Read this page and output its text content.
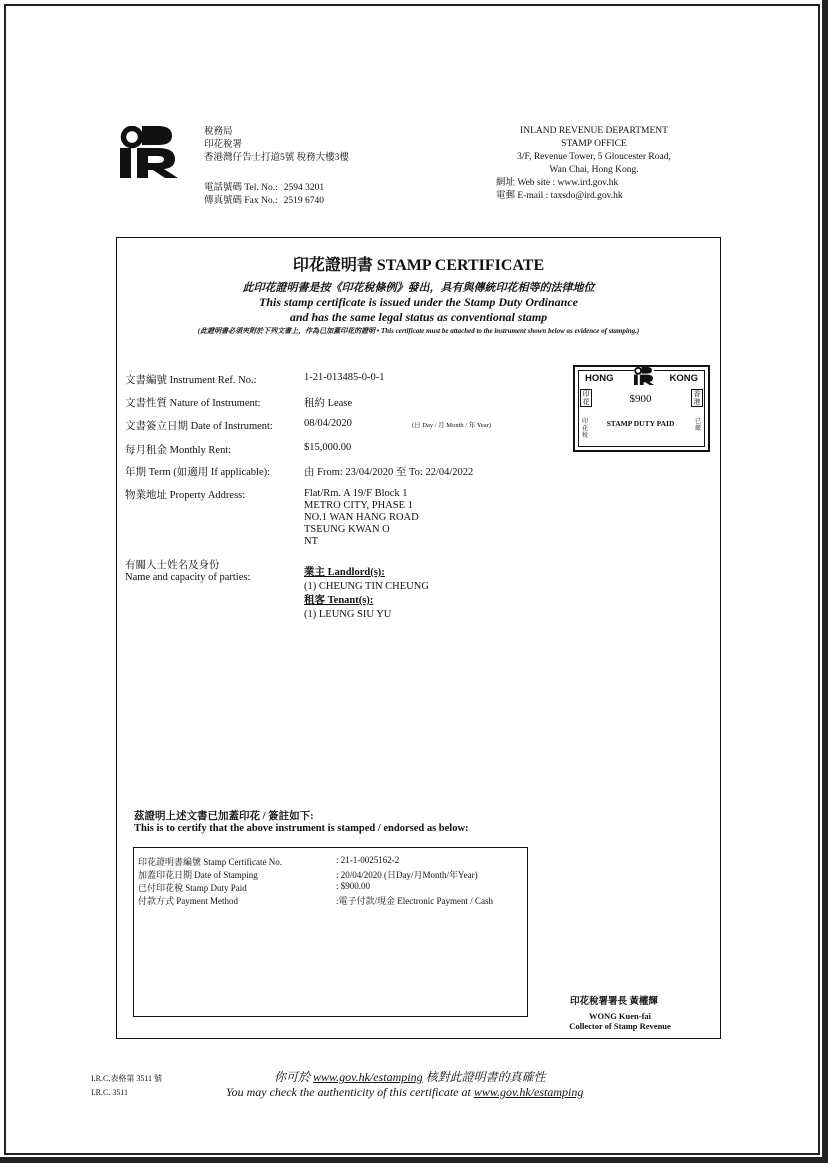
稅務局
印花稅署
香港灣仔告士打道5號 稅務大樓3樓
電話號碼 Tel. No.: 2594 3201
傳真號碼 Fax No.: 2519 6740
INLAND REVENUE DEPARTMENT
STAMP OFFICE
3/F, Revenue Tower, 5 Gloucester Road,
Wan Chai, Hong Kong.
網址 Web site : www.ird.gov.hk
電郵 E-mail : taxsdo@ird.gov.hk
印花證明書 STAMP CERTIFICATE
此印花證明書是按《印花稅條例》發出，具有與傳統印花相等的法律地位
This stamp certificate is issued under the Stamp Duty Ordinance
and has the same legal status as conventional stamp
(此證明書必須夾附於下列文書上，作為已加蓋印花的證明 • This certificate must be attached to the instrument shown below as evidence of stamping.)
文書編號 Instrument Ref. No.:	1-21-013485-0-0-1
文書性質 Nature of Instrument:	租約 Lease
文書簽立日期 Date of Instrument:	08/04/2020	(日 Day / 月 Month / 年 Year)
每月租金 Monthly Rent:	$15,000.00
年期 Term (如適用 If applicable):	由 From: 23/04/2020 至 To: 22/04/2022
物業地址 Property Address:	Flat/Rm. A 19/F Block 1
METRO CITY, PHASE 1
NO.1 WAN HANG ROAD
TSEUNG KWAN O
NT
有關人士姓名及身份
Name and capacity of parties:	業主 Landlord(s):
(1) CHEUNG TIN CHEUNG
租客 Tenant(s):
(1) LEUNG SIU YU
HONG	KONG
印花
香港
$900
STAMP DUTY PAID
印花稅
已繳
茲證明上述文書已加蓋印花 / 簽註如下:
This is to certify that the above instrument is stamped / endorsed as below:
印花證明書編號 Stamp Certificate No.	: 21-1-0025162-2
加蓋印花日期 Date of Stamping	: 20/04/2020 (日Day/月Month/年Year)
已付印花稅 Stamp Duty Paid	: $900.00
付款方式 Payment Method	:電子付款/現金 Electronic Payment / Cash
印花稅署署長 黃權輝
WONG Kuen-fai
Collector of Stamp Revenue
I.R.C.表格第 3511 號
I.R.C. 3511
你可於 www.gov.hk/estamping 核對此證明書的真確性
You may check the authenticity of this certificate at www.gov.hk/estamping
